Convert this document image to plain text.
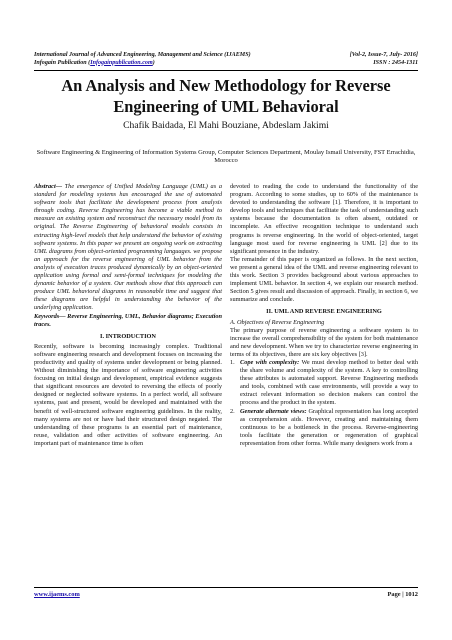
International Journal of Advanced Engineering, Management and Science (IJAEMS)	[Vol-2, Issue-7, July- 2016]
Infogain Publication (Infogainpublication.com)	ISSN : 2454-1311
An Analysis and New Methodology for Reverse Engineering of UML Behavioral
Chafik Baidada, El Mahi Bouziane, Abdeslam Jakimi
Software Engineering & Engineering of Information Systems Group, Computer Sciences Department, Moulay Ismail University, FST Errachidia, Morocco

Abstract— The emergence of Unified Modeling Language (UML) as a standard for modeling systems has encouraged the use of automated software tools that facilitate the development process from analysis through coding. Reverse Engineering has become a viable method to measure an existing system and reconstruct the necessary model from its original. The Reverse Engineering of behavioral models consists in extracting high-level models that help understand the behavior of existing software systems. In this paper we present an ongoing work on extracting UML diagrams from object-oriented programming languages. we propose an approach for the reverse engineering of UML behavior from the analysis of execution traces produced dynamically by an object-oriented application using formal and semi-formal techniques for modeling the dynamic behavior of a system. Our methods show that this approach can produce UML behavioral diagrams in reasonable time and suggest that these diagrams are helpful in understanding the behavior of the underlying application.

Keywords— Reverse Engineering, UML, Behavior diagrams; Execution traces.

I. INTRODUCTION

Recently, software is becoming increasingly complex. Traditional software engineering research and development focuses on increasing the productivity and quality of systems under development or being planned. Without diminishing the importance of software engineering activities focusing on initial design and development, empirical evidence suggests that significant resources are devoted to reversing the effects of poorly designed or neglected software systems. In a perfect world, all software systems, past and present, would be developed and maintained with the benefit of well-structured software engineering guidelines. In the reality, many systems are not or have had their structured design negated. The understanding of these programs is an essential part of maintenance, reuse, validation and other activities of software engineering. An important part of maintenance time is often

devoted to reading the code to understand the functionality of the program. According to some studies, up to 60% of the maintenance is devoted to understanding the software [1]. Therefore, it is important to develop tools and techniques that facilitate the task of understanding such systems because the documentation is often absent, outdated or incomplete. An effective recognition technique to understand such programs is reverse engineering. In the world of object-oriented, target language most used for reverse engineering is UML [2] due to its significant presence in the industry.

The remainder of this paper is organized as follows. In the next section, we present a general idea of the UML and reverse engineering relevant to this work. Section 3 provides background about various approaches to implement UML behavior. In section 4, we explain our research method. Section 5 gives result and discussion of approach. Finally, in section 6, we summarize and conclude.

II. UML AND REVERSE ENGINEERING

A. Objectives of Reverse Engineering

The primary purpose of reverse engineering a software system is to increase the overall comprehensibility of the system for both maintenance and new development. When we try to characterize reverse engineering in terms of its objectives, there are six key objectives [3].

1. Cope with complexity: We must develop method to better deal with the share volume and complexity of the system. A key to controlling these attributes is automated support. Reverse Engineering methods and tools, combined with case environments, will provide a way to extract relevant information so decision makers can control the process and the product in the system.
2. Generate alternate views: Graphical representation has long accepted as comprehension aids. However, creating and maintaining them continuous to be a bottleneck in the process. Reverse-engineering tools facilitate the generation or regeneration of graphical representation from other forms. While many designers work from a
www.ijaems.com	Page | 1012
